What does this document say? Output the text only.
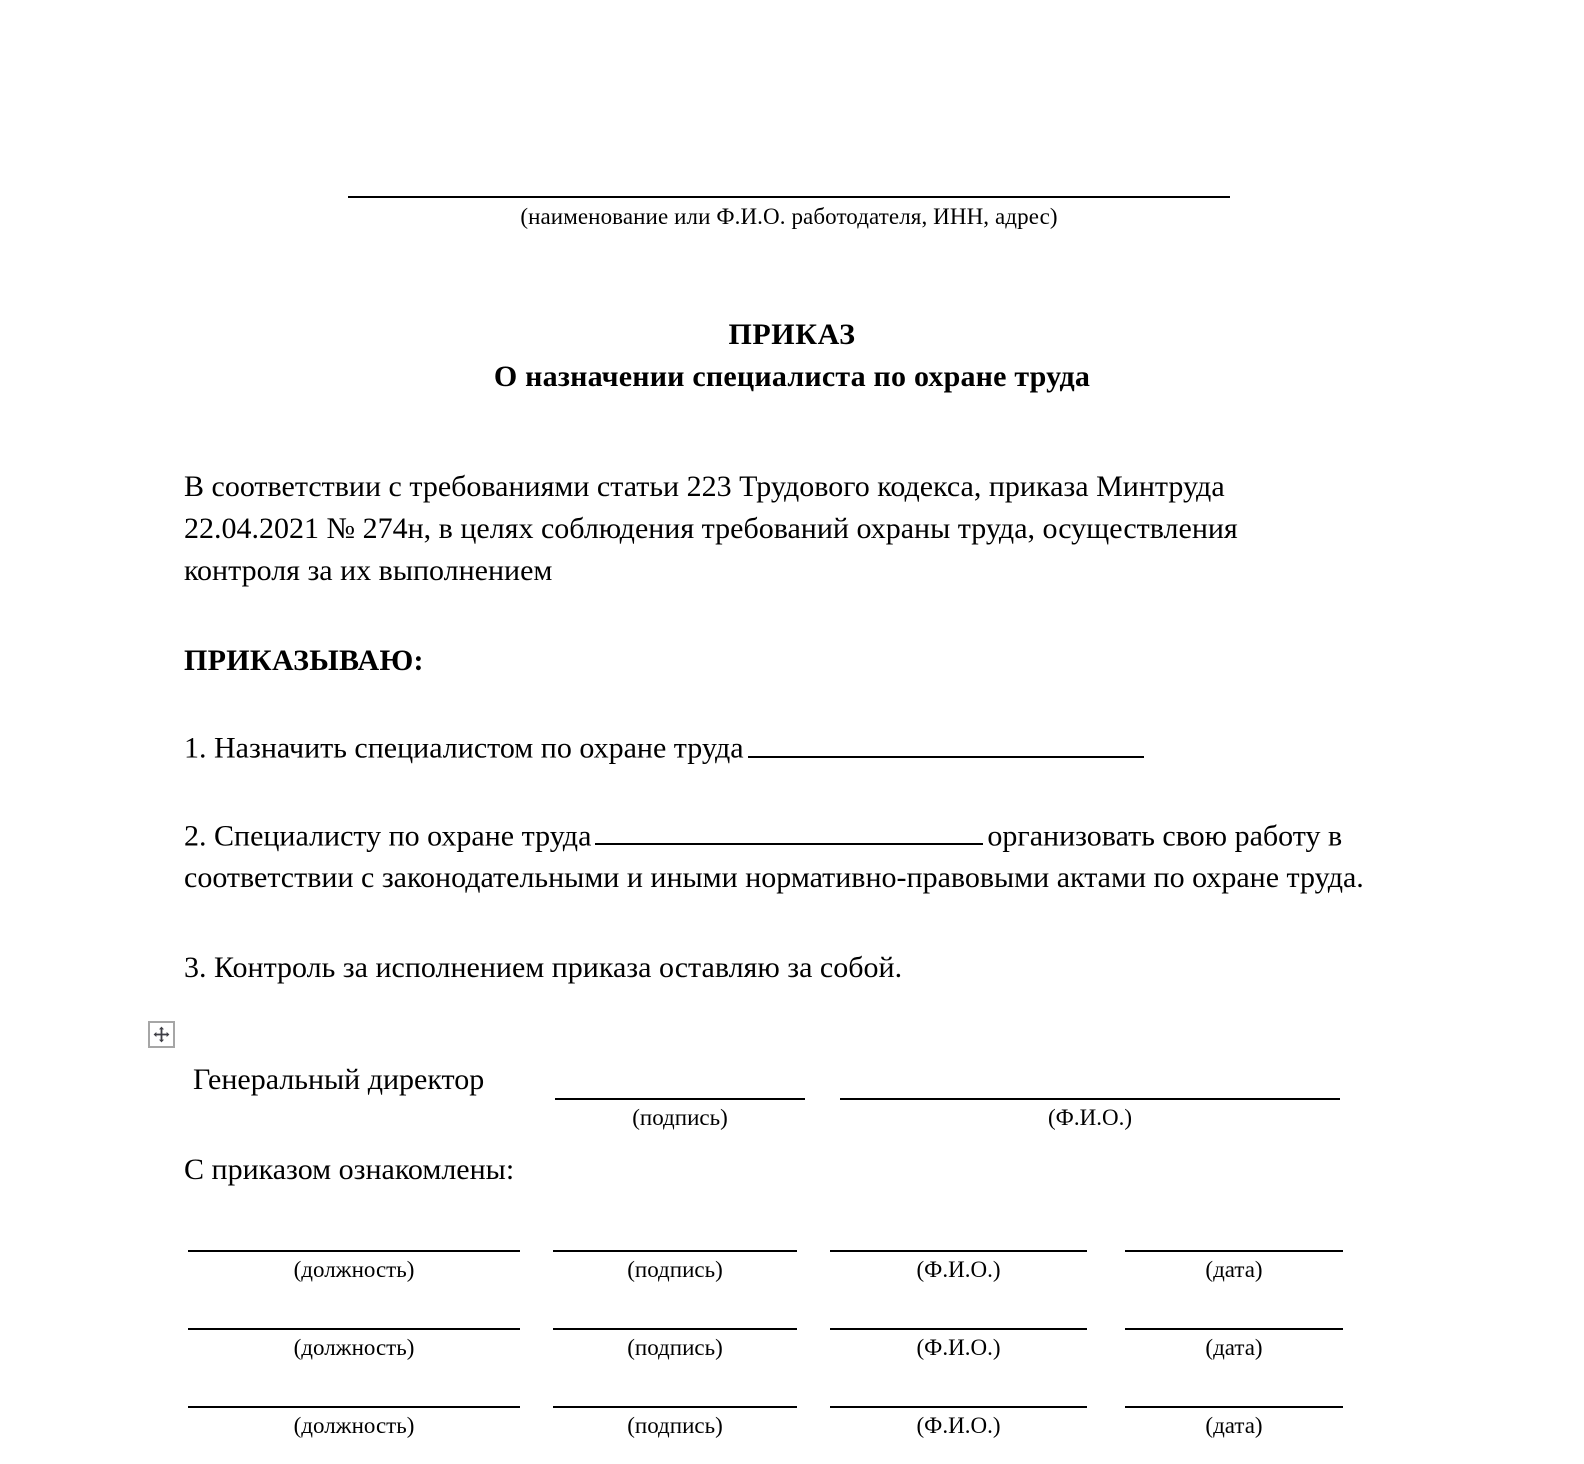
(наименование или Ф.И.О. работодателя, ИНН, адрес)
ПРИКАЗ
О назначении специалиста по охране труда

В соответствии с требованиями статьи 223 Трудового кодекса, приказа Минтруда 22.04.2021 № 274н, в целях соблюдения требований охраны труда, осуществления контроля за их выполнением

ПРИКАЗЫВАЮ:

1. Назначить специалистом по охране труда

2. Специалисту по охране труда	организовать свою работу в соответствии с законодательными и иными нормативно-правовыми актами по охране труда.

3. Контроль за исполнением приказа оставляю за собой.

Генеральный директор
(подпись)	(Ф.И.О.)
С приказом ознакомлены:
(должность)	(подпись)	(Ф.И.О.)	(дата)
(должность)	(подпись)	(Ф.И.О.)	(дата)
(должность)	(подпись)	(Ф.И.О.)	(дата)
